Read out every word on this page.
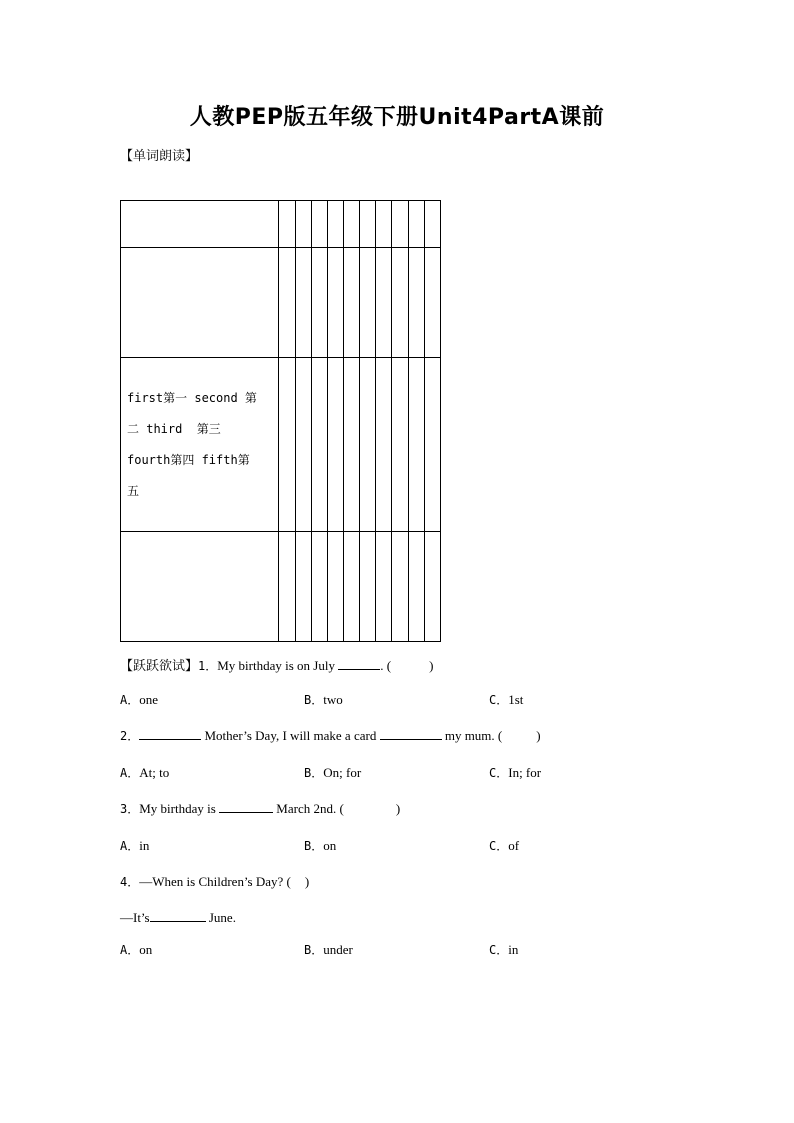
人教PEP版五年级下册Unit4PartA课前
【单词朗读】

first第一 second 第
二 third  第三
fourth第四 fifth第
五										

【跃跃欲试】1．My birthday is on July	. (	)
A．one	B．two	C．1st
2．	Mother’s Day, I will make a card	my mum. (	)
A．At; to	B．On; for	C．In; for
3．My birthday is	March 2nd. (	)
A．in	B．on	C．of
4．—When is Children’s Day? ( )
—It’s	June.
A．on	B．under	C．in
